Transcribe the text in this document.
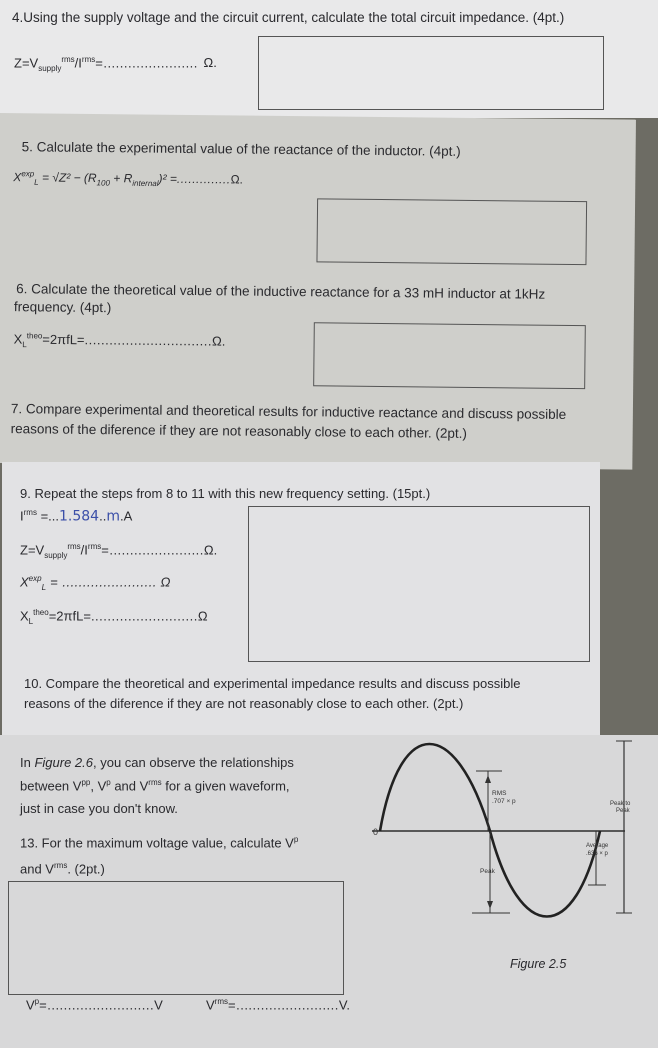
4.Using the supply voltage and the circuit current, calculate the total circuit impedance. (4pt.)
$Z=V_{supply}^{rms}/I^{rms}=$....................... Ω.
5. Calculate the experimental value of the reactance of the inductor. (4pt.)
$X^{exp}_L = √Z^2 - (R_{100} + R_{internal})^2 =..............\Omega$.
6. Calculate the theoretical value of the inductive reactance for a 33 mH inductor at 1kHz
frequency. (4pt.)
$X_L^{theo}=2\pi fL=...............................\Omega$.
7. Compare experimental and theoretical results for inductive reactance and discuss possible
reasons of the diference if they are not reasonably close to each other. (2pt.)
9. Repeat the steps from 8 to 11 with this new frequency setting. (15pt.)
$I^{rms} =...1.584..m.A$
$Z=V_{supply}^{rms}/I^{rms}=.......................\Omega$.
$X^{exp}_L$ = ....................... Ω
$X_L^{theo}=2\pi fL=..........................\Omega$
10. Compare the theoretical and experimental impedance results and discuss possible
reasons of the diference if they are not reasonably close to each other. (2pt.)
In Figure 2.6, you can observe the relationships
between $V^{pp}$, $V^p$ and $V^{rms}$ for a given waveform,
just in case you don't know.
13. For the maximum voltage value, calculate $V^p$
and $V^{rms}$. (2pt.)
$V^p=..........................V$	$V^{rms}=.........................V$.
0
RMS
.707 × p
Peak
Peak to
Peak
Average
.636 × p
Figure 2.5
